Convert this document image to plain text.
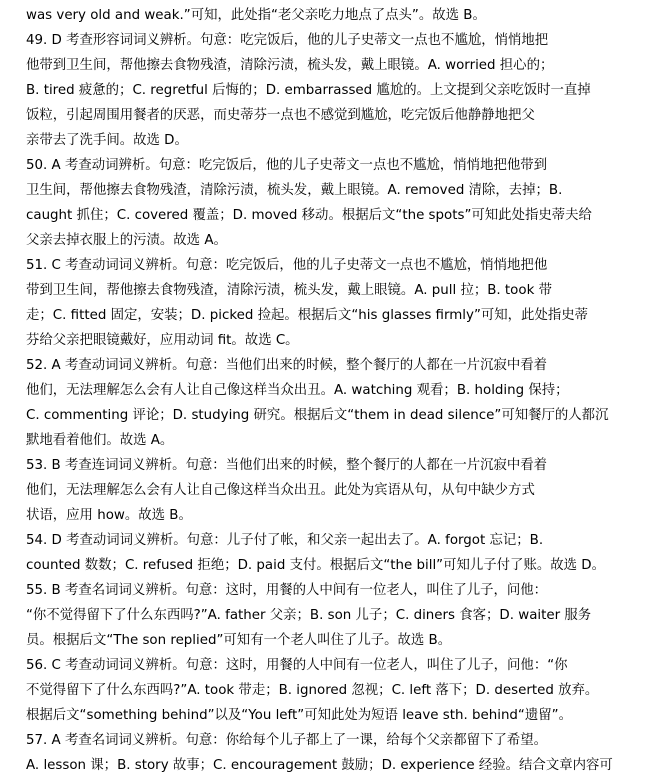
was very old and weak.”可知，此处指“老父亲吃力地点了点头”。故选 B。
49. D 考查形容词词义辨析。句意：吃完饭后，他的儿子史蒂文一点也不尴尬，悄悄地把
他带到卫生间，帮他擦去食物残渣，清除污渍，梳头发，戴上眼镜。A. worried 担心的；
B. tired 疲惫的；C. regretful 后悔的；D. embarrassed 尴尬的。上文提到父亲吃饭时一直掉
饭粒，引起周围用餐者的厌恶，而史蒂芬一点也不感觉到尴尬，吃完饭后他静静地把父
亲带去了洗手间。故选 D。
50. A 考查动词辨析。句意：吃完饭后，他的儿子史蒂文一点也不尴尬，悄悄地把他带到
卫生间，帮他擦去食物残渣，清除污渍，梳头发，戴上眼镜。A. removed 清除，去掉；B.
caught 抓住；C. covered 覆盖；D. moved 移动。根据后文“the spots”可知此处指史蒂夫给
父亲去掉衣服上的污渍。故选 A。
51. C 考查动词词义辨析。句意：吃完饭后，他的儿子史蒂文一点也不尴尬，悄悄地把他
带到卫生间，帮他擦去食物残渣，清除污渍，梳头发，戴上眼镜。A. pull 拉；B. took 带
走；C. fitted 固定，安装；D. picked 捡起。根据后文“his glasses firmly”可知，此处指史蒂
芬给父亲把眼镜戴好，应用动词 fit。故选 C。
52. A 考查动词词义辨析。句意：当他们出来的时候，整个餐厅的人都在一片沉寂中看着
他们，无法理解怎么会有人让自己像这样当众出丑。A. watching 观看；B. holding 保持；
C. commenting 评论；D. studying 研究。根据后文“them in dead silence”可知餐厅的人都沉
默地看着他们。故选 A。
53. B 考查连词词义辨析。句意：当他们出来的时候，整个餐厅的人都在一片沉寂中看着
他们，无法理解怎么会有人让自己像这样当众出丑。此处为宾语从句，从句中缺少方式
状语，应用 how。故选 B。
54. D 考查动词词义辨析。句意：儿子付了帐，和父亲一起出去了。A. forgot 忘记；B.
counted 数数；C. refused 拒绝；D. paid 支付。根据后文“the bill”可知儿子付了账。故选 D。
55. B 考查名词词义辨析。句意：这时，用餐的人中间有一位老人，叫住了儿子，问他：
“你不觉得留下了什么东西吗?”A. father 父亲；B. son 儿子；C. diners 食客；D. waiter 服务
员。根据后文“The son replied”可知有一个老人叫住了儿子。故选 B。
56. C 考查动词词义辨析。句意：这时，用餐的人中间有一位老人，叫住了儿子，问他：“你
不觉得留下了什么东西吗?”A. took 带走；B. ignored 忽视；C. left 落下；D. deserted 放弃。
根据后文“something behind”以及“You left”可知此处为短语 leave sth. behind“遗留”。
57. A 考查名词词义辨析。句意：你给每个儿子都上了一课，给每个父亲都留下了希望。
A. lesson 课；B. story 故事；C. encouragement 鼓励；D. experience 经验。结合文章内容可
